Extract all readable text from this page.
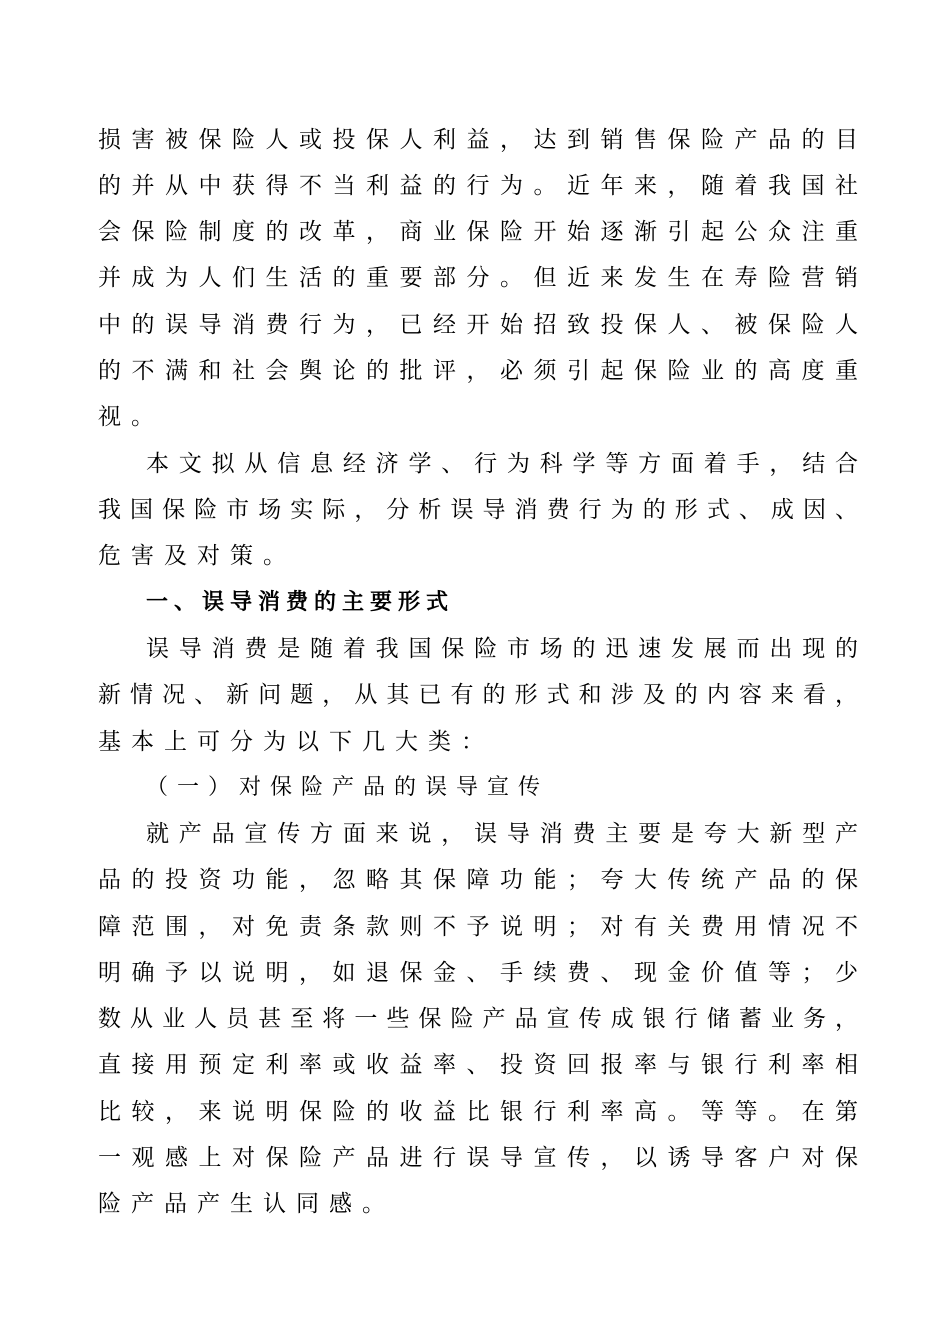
损害被保险人或投保人利益，达到销售保险产品的目
的并从中获得不当利益的行为。近年来，随着我国社
会保险制度的改革，商业保险开始逐渐引起公众注重
并成为人们生活的重要部分。但近来发生在寿险营销
中的误导消费行为，已经开始招致投保人、被保险人
的不满和社会舆论的批评，必须引起保险业的高度重
视。
本文拟从信息经济学、行为科学等方面着手，结合
我国保险市场实际，分析误导消费行为的形式、成因、
危害及对策。
一、误导消费的主要形式
误导消费是随着我国保险市场的迅速发展而出现的
新情况、新问题，从其已有的形式和涉及的内容来看，
基本上可分为以下几大类：
（一）对保险产品的误导宣传
就产品宣传方面来说，误导消费主要是夸大新型产
品的投资功能，忽略其保障功能；夸大传统产品的保
障范围，对免责条款则不予说明；对有关费用情况不
明确予以说明，如退保金、手续费、现金价值等；少
数从业人员甚至将一些保险产品宣传成银行储蓄业务，
直接用预定利率或收益率、投资回报率与银行利率相
比较，来说明保险的收益比银行利率高。等等。在第
一观感上对保险产品进行误导宣传，以诱导客户对保
险产品产生认同感。
